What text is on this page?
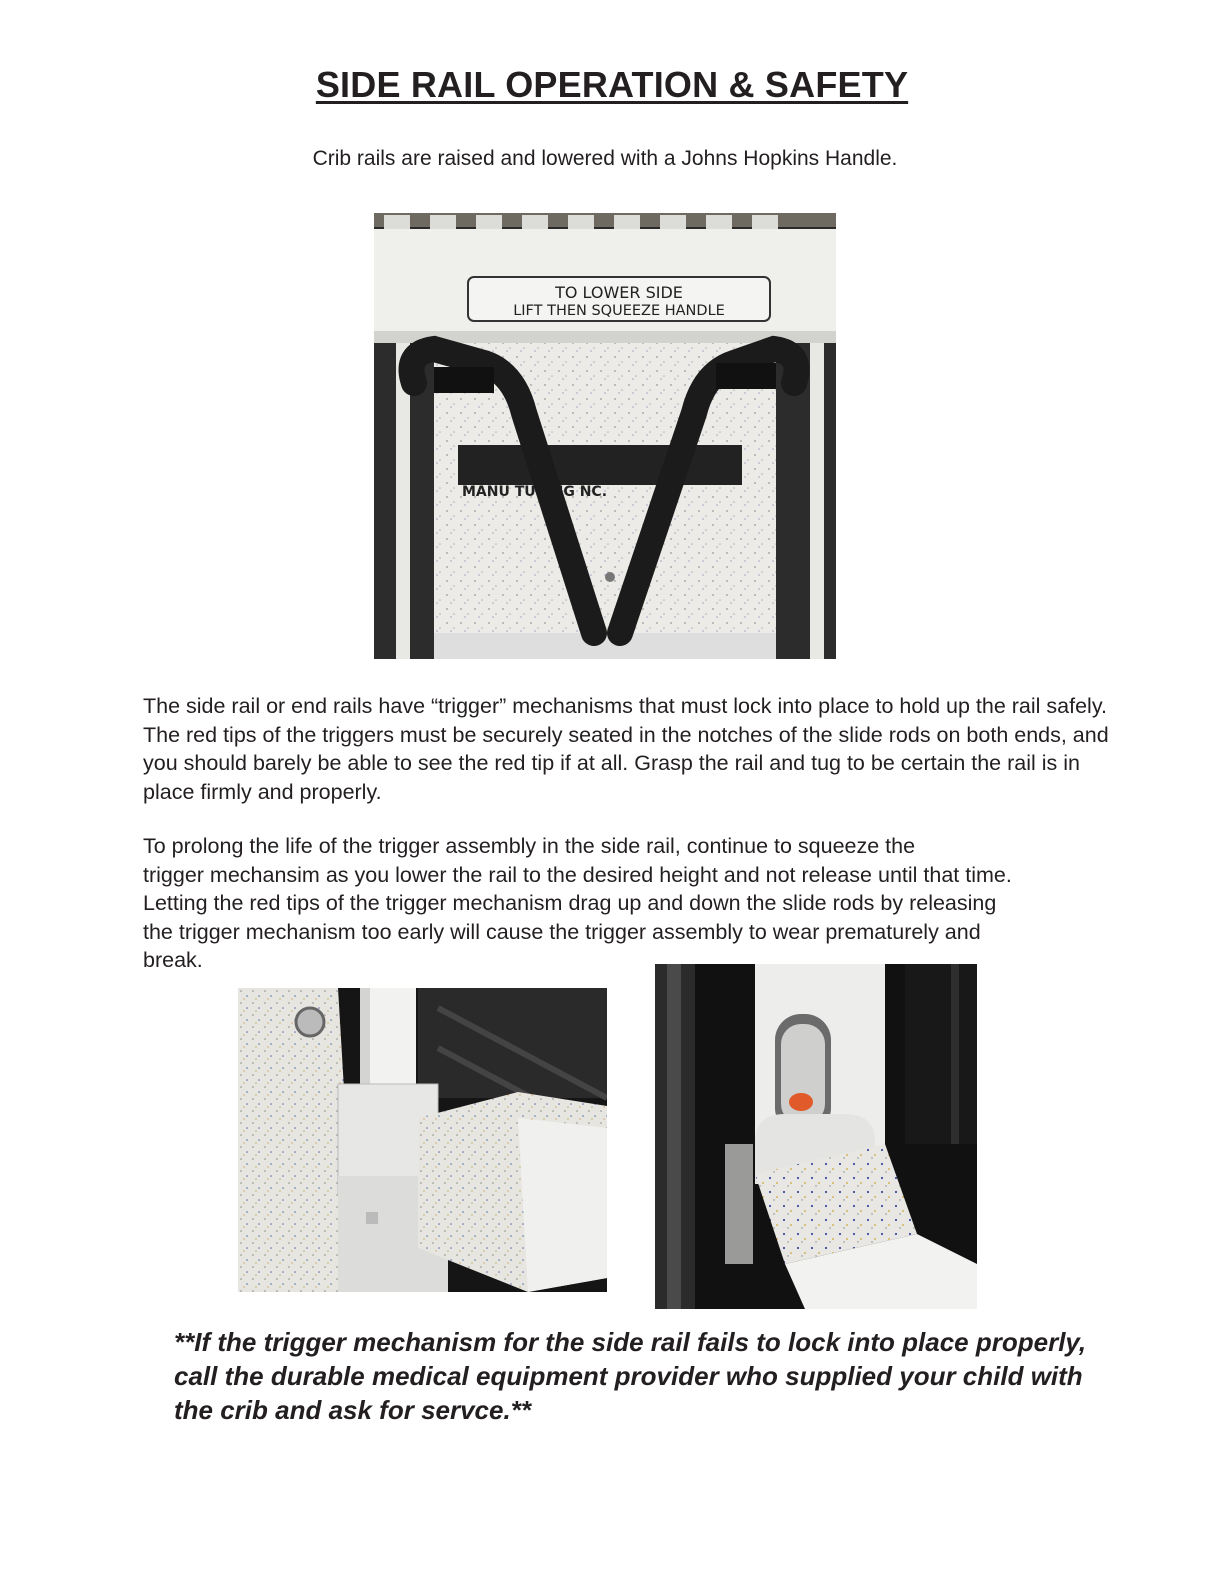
SIDE RAIL OPERATION & SAFETY

Crib rails are raised and lowered with a Johns Hopkins Handle.

TO LOWER SIDE
LIFT THEN SQUEEZE HANDLE
MANU TURING NC.

The side rail or end rails have “trigger” mechanisms that must lock into place to hold up the rail safely. The red tips of the triggers must be securely seated in the notches of the slide rods on both ends, and you should barely be able to see the red tip if at all. Grasp the rail and tug to be certain the rail is in place firmly and properly.

To prolong the life of the trigger assembly in the side rail, continue to squeeze the
trigger mechansim as you lower the rail to the desired height and not release until that time.
Letting the red tips of the trigger mechanism drag up and down the slide rods by releasing
the trigger mechanism too early will cause the trigger assembly to wear prematurely and
break.

**If the trigger mechanism for the side rail fails to lock into place properly, call the durable medical equipment provider who supplied your child with the crib and ask for servce.**
